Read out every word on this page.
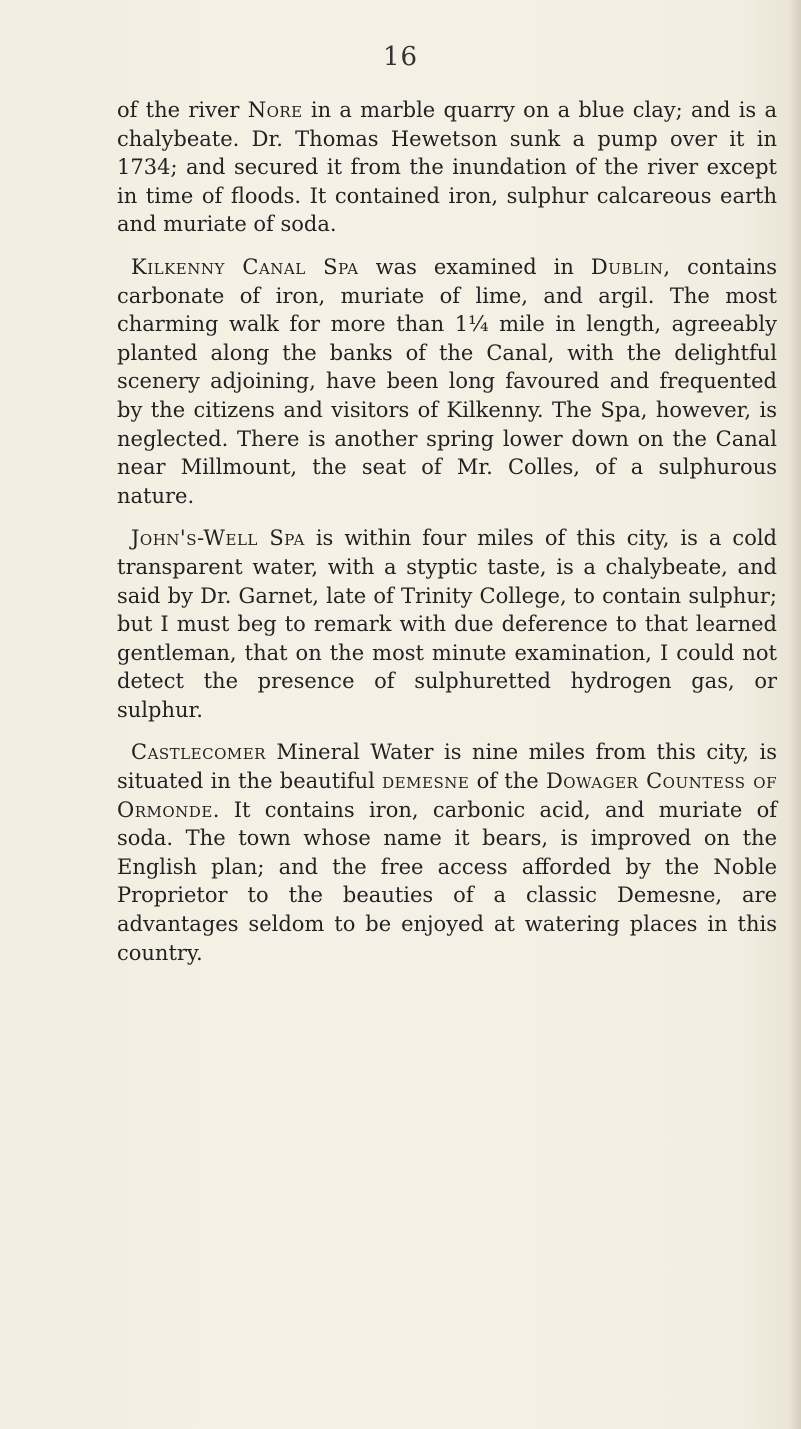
16

of the river Nore in a marble quarry on a blue clay; and is a chalybeate. Dr. Thomas Hewetson sunk a pump over it in 1734; and secured it from the inundation of the river except in time of floods. It contained iron, sulphur calcareous earth and muriate of soda.

Kilkenny Canal Spa was examined in Dublin, contains carbonate of iron, muriate of lime, and argil. The most charming walk for more than 1¼ mile in length, agreeably planted along the banks of the Canal, with the delightful scenery adjoining, have been long favoured and frequented by the citizens and visitors of Kilkenny. The Spa, however, is neglected. There is another spring lower down on the Canal near Millmount, the seat of Mr. Colles, of a sulphurous nature.

John's-Well Spa is within four miles of this city, is a cold transparent water, with a styptic taste, is a chalybeate, and said by Dr. Garnet, late of Trinity College, to contain sulphur; but I must beg to remark with due deference to that learned gentleman, that on the most minute examination, I could not detect the presence of sulphuretted hydrogen gas, or sulphur.

Castlecomer Mineral Water is nine miles from this city, is situated in the beautiful demesne of the Dowager Countess of Ormonde. It contains iron, carbonic acid, and muriate of soda. The town whose name it bears, is improved on the English plan; and the free access afforded by the Noble Proprietor to the beauties of a classic Demesne, are advantages seldom to be enjoyed at watering places in this country.
